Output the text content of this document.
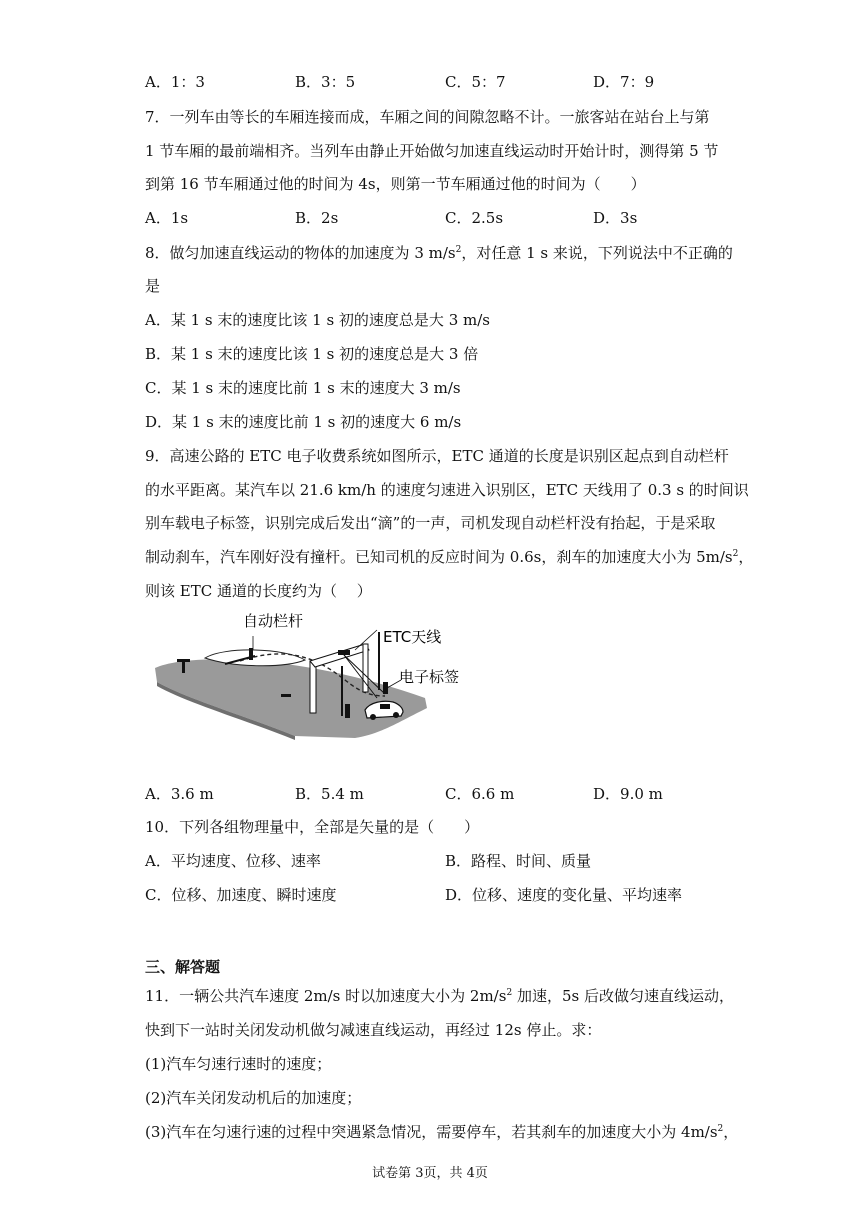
A．1：3	B．3：5	C．5：7	D．7：9
7．一列车由等长的车厢连接而成，车厢之间的间隙忽略不计。一旅客站在站台上与第
1 节车厢的最前端相齐。当列车由静止开始做匀加速直线运动时开始计时，测得第 5 节
到第 16 节车厢通过他的时间为 4s，则第一节车厢通过他的时间为（　　）
A．1s	B．2s	C．2.5s	D．3s
8．做匀加速直线运动的物体的加速度为 3 $m/s^2$，对任意 1 s 来说，下列说法中不正确的
是
A．某 1 s 末的速度比该 1 s 初的速度总是大 3 m/s
B．某 1 s 末的速度比该 1 s 初的速度总是大 3 倍
C．某 1 s 末的速度比前 1 s 末的速度大 3 m/s
D．某 1 s 末的速度比前 1 s 初的速度大 6 m/s
9．高速公路的 ETC 电子收费系统如图所示，ETC 通道的长度是识别区起点到自动栏杆
的水平距离。某汽车以 21.6 km/h 的速度匀速进入识别区，ETC 天线用了 0.3 s 的时间识
别车载电子标签，识别完成后发出“滴”的一声，司机发现自动栏杆没有抬起，于是采取
制动刹车，汽车刚好没有撞杆。已知司机的反应时间为 0.6s，刹车的加速度大小为 $5m/s^2$，
则该 ETC 通道的长度约为（　 ）
自动栏杆
ETC天线
电子标签
A．3.6 m	B．5.4 m	C．6.6 m	D．9.0 m
10．下列各组物理量中，全部是矢量的是（　　）
A．平均速度、位移、速率	B．路程、时间、质量
C．位移、加速度、瞬时速度	D．位移、速度的变化量、平均速率
三、解答题
11．一辆公共汽车速度 2m/s 时以加速度大小为 $2m/s^2$ 加速，5s 后改做匀速直线运动，
快到下一站时关闭发动机做匀减速直线运动，再经过 12s 停止。求：
(1)汽车匀速行速时的速度；
(2)汽车关闭发动机后的加速度；
(3)汽车在匀速行速的过程中突遇紧急情况，需要停车，若其刹车的加速度大小为 $4m/s^2$，
试卷第 3页，共 4页
